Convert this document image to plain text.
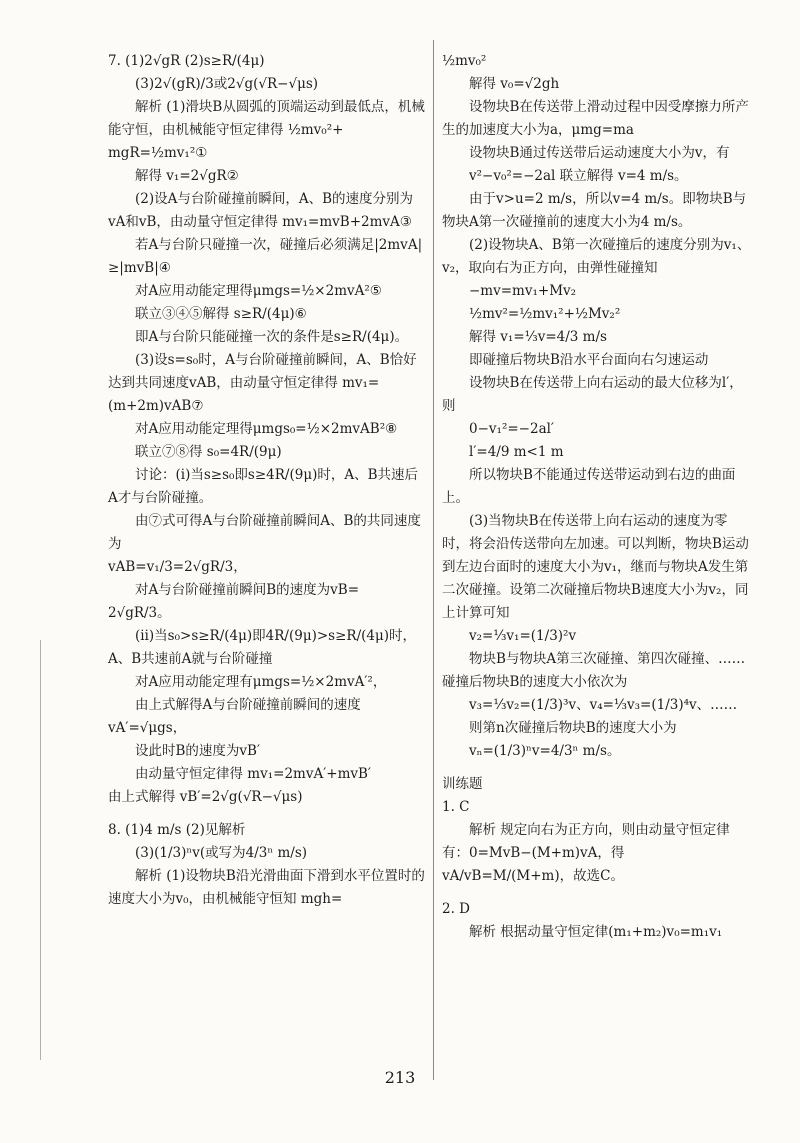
7. (1)2√gR (2)s≥R/(4μ)

(3)2√(gR)/3或2√g(√R−√μs)

解析 (1)滑块B从圆弧的顶端运动到最低点，机械能守恒，由机械能守恒定律得 ½mv₀²+

mgR=½mv₁²①

解得 v₁=2√gR②

(2)设A与台阶碰撞前瞬间，A、B的速度分别为vA和vB，由动量守恒定律得 mv₁=mvB+2mvA③

若A与台阶只碰撞一次，碰撞后必须满足|2mvA|≥|mvB|④

对A应用动能定理得μmgs=½×2mvA²⑤

联立③④⑤解得 s≥R/(4μ)⑥

即A与台阶只能碰撞一次的条件是s≥R/(4μ)。

(3)设s=s₀时，A与台阶碰撞前瞬间，A、B恰好达到共同速度vAB，由动量守恒定律得 mv₁=(m+2m)vAB⑦

对A应用动能定理得μmgs₀=½×2mvAB²⑧

联立⑦⑧得 s₀=4R/(9μ)

讨论：(ⅰ)当s≥s₀即s≥4R/(9μ)时，A、B共速后A才与台阶碰撞。

由⑦式可得A与台阶碰撞前瞬间A、B的共同速度为

vAB=v₁/3=2√gR/3，

对A与台阶碰撞前瞬间B的速度为vB=

2√gR/3。

(ⅱ)当s₀>s≥R/(4μ)即4R/(9μ)>s≥R/(4μ)时，A、B共速前A就与台阶碰撞

对A应用动能定理有μmgs=½×2mvA′²，

由上式解得A与台阶碰撞前瞬间的速度 vA′=√μgs，

设此时B的速度为vB′

由动量守恒定律得 mv₁=2mvA′+mvB′

由上式解得 vB′=2√g(√R−√μs)

8. (1)4 m/s (2)见解析

(3)(1/3)ⁿv(或写为4/3ⁿ m/s)

解析 (1)设物块B沿光滑曲面下滑到水平位置时的速度大小为v₀，由机械能守恒知 mgh=

½mv₀²

解得 v₀=√2gh

设物块B在传送带上滑动过程中因受摩擦力所产生的加速度大小为a，μmg=ma

设物块B通过传送带后运动速度大小为v，有

v²−v₀²=−2al 联立解得 v=4 m/s。

由于v>u=2 m/s，所以v=4 m/s。即物块B与物块A第一次碰撞前的速度大小为4 m/s。

(2)设物块A、B第一次碰撞后的速度分别为v₁、v₂，取向右为正方向，由弹性碰撞知

−mv=mv₁+Mv₂

½mv²=½mv₁²+½Mv₂²

解得 v₁=⅓v=4/3 m/s

即碰撞后物块B沿水平台面向右匀速运动

设物块B在传送带上向右运动的最大位移为l′，则

0−v₁²=−2al′

l′=4/9 m<1 m

所以物块B不能通过传送带运动到右边的曲面上。

(3)当物块B在传送带上向右运动的速度为零时，将会沿传送带向左加速。可以判断，物块B运动到左边台面时的速度大小为v₁，继而与物块A发生第二次碰撞。设第二次碰撞后物块B速度大小为v₂，同上计算可知

v₂=⅓v₁=(1/3)²v

物块B与物块A第三次碰撞、第四次碰撞、……碰撞后物块B的速度大小依次为

v₃=⅓v₂=(1/3)³v、v₄=⅓v₃=(1/3)⁴v、……

则第n次碰撞后物块B的速度大小为

vₙ=(1/3)ⁿv=4/3ⁿ m/s。

训练题

1. C

解析 规定向右为正方向，则由动量守恒定律有：0=MvB−(M+m)vA，得vA/vB=M/(M+m)，故选C。

2. D

解析 根据动量守恒定律(m₁+m₂)v₀=m₁v₁

213
